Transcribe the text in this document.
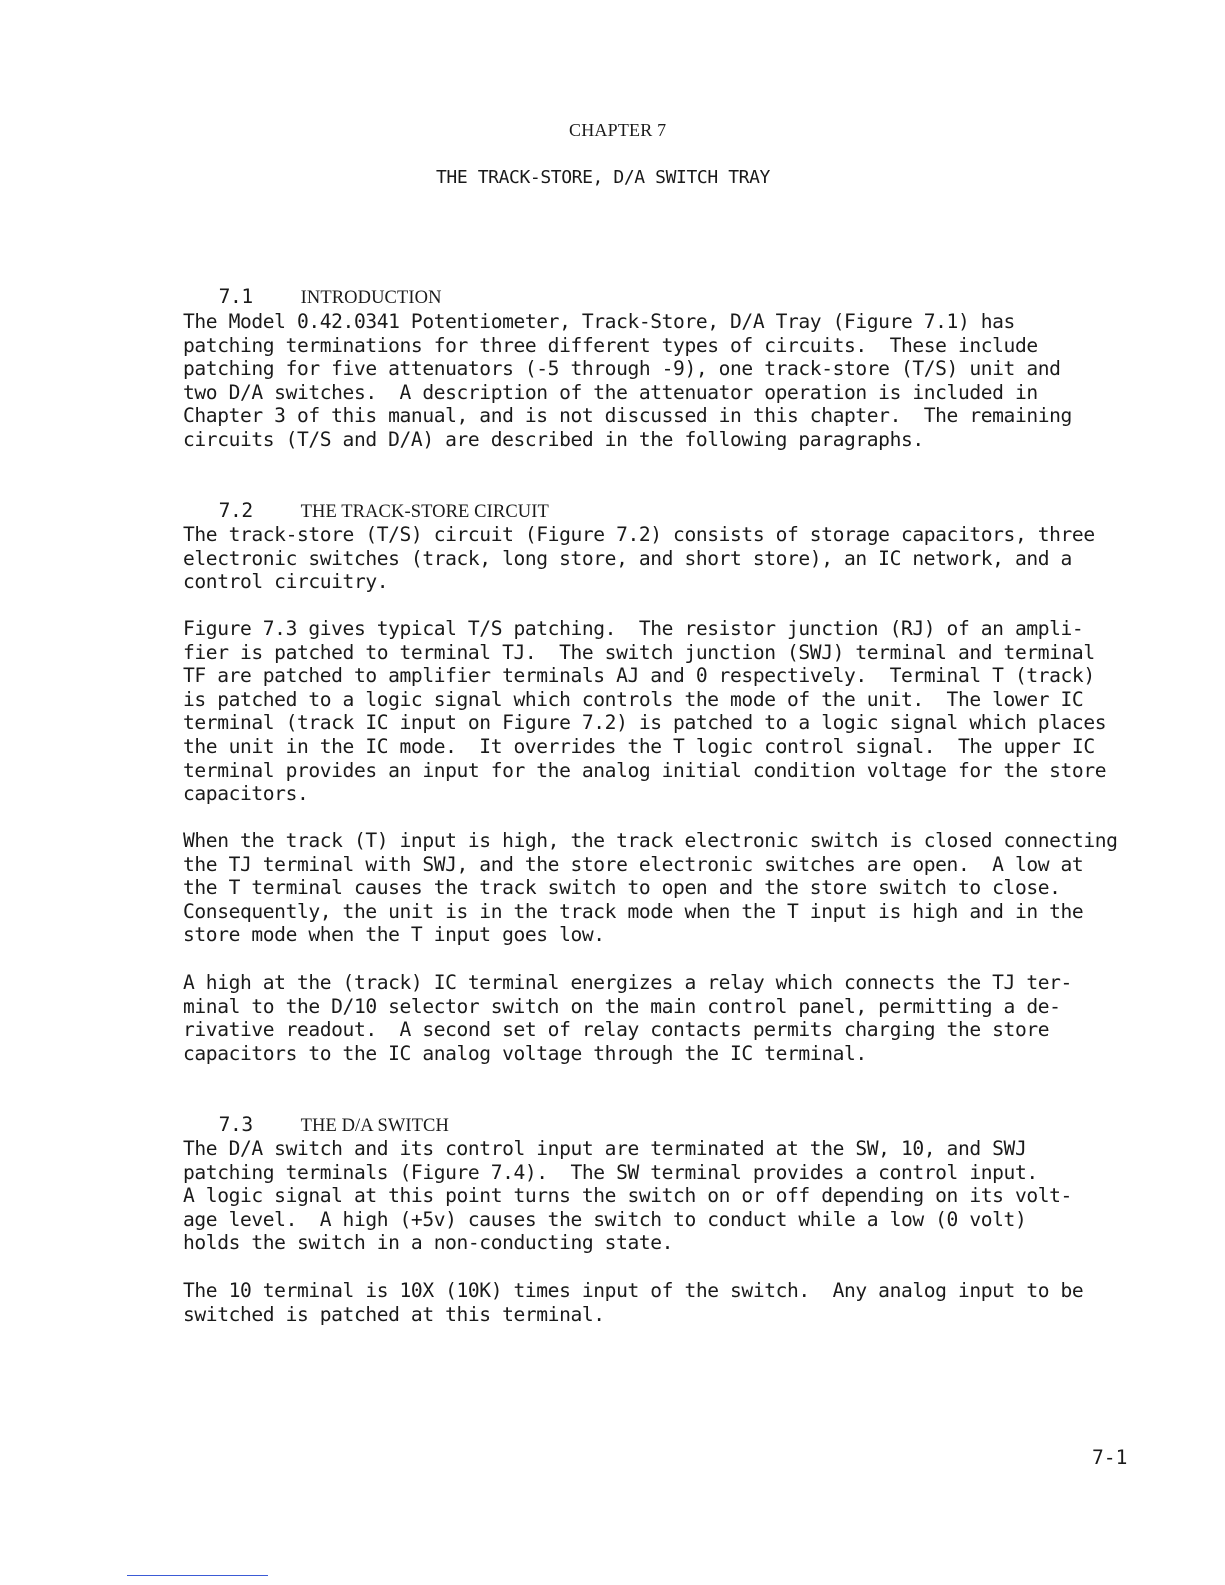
CHAPTER 7
THE TRACK-STORE, D/A SWITCH TRAY

7.1	INTRODUCTION

The Model 0.42.0341 Potentiometer, Track-Store, D/A Tray (Figure 7.1) has
patching terminations for three different types of circuits.  These include
patching for five attenuators (-5 through -9), one track-store (T/S) unit and
two D/A switches.  A description of the attenuator operation is included in
Chapter 3 of this manual, and is not discussed in this chapter.  The remaining
circuits (T/S and D/A) are described in the following paragraphs.

7.2	THE TRACK-STORE CIRCUIT

The track-store (T/S) circuit (Figure 7.2) consists of storage capacitors, three
electronic switches (track, long store, and short store), an IC network, and a
control circuitry.
Figure 7.3 gives typical T/S patching.  The resistor junction (RJ) of an ampli-
fier is patched to terminal TJ.  The switch junction (SWJ) terminal and terminal
TF are patched to amplifier terminals AJ and 0 respectively.  Terminal T (track)
is patched to a logic signal which controls the mode of the unit.  The lower IC
terminal (track IC input on Figure 7.2) is patched to a logic signal which places
the unit in the IC mode.  It overrides the T logic control signal.  The upper IC
terminal provides an input for the analog initial condition voltage for the store
capacitors.
When the track (T) input is high, the track electronic switch is closed connecting
the TJ terminal with SWJ, and the store electronic switches are open.  A low at
the T terminal causes the track switch to open and the store switch to close.
Consequently, the unit is in the track mode when the T input is high and in the
store mode when the T input goes low.
A high at the (track) IC terminal energizes a relay which connects the TJ ter-
minal to the D/10 selector switch on the main control panel, permitting a de-
rivative readout.  A second set of relay contacts permits charging the store
capacitors to the IC analog voltage through the IC terminal.

7.3	THE D/A SWITCH

The D/A switch and its control input are terminated at the SW, 10, and SWJ
patching terminals (Figure 7.4).  The SW terminal provides a control input.
A logic signal at this point turns the switch on or off depending on its volt-
age level.  A high (+5v) causes the switch to conduct while a low (0 volt)
holds the switch in a non-conducting state.
The 10 terminal is 10X (10K) times input of the switch.  Any analog input to be
switched is patched at this terminal.
7-1
